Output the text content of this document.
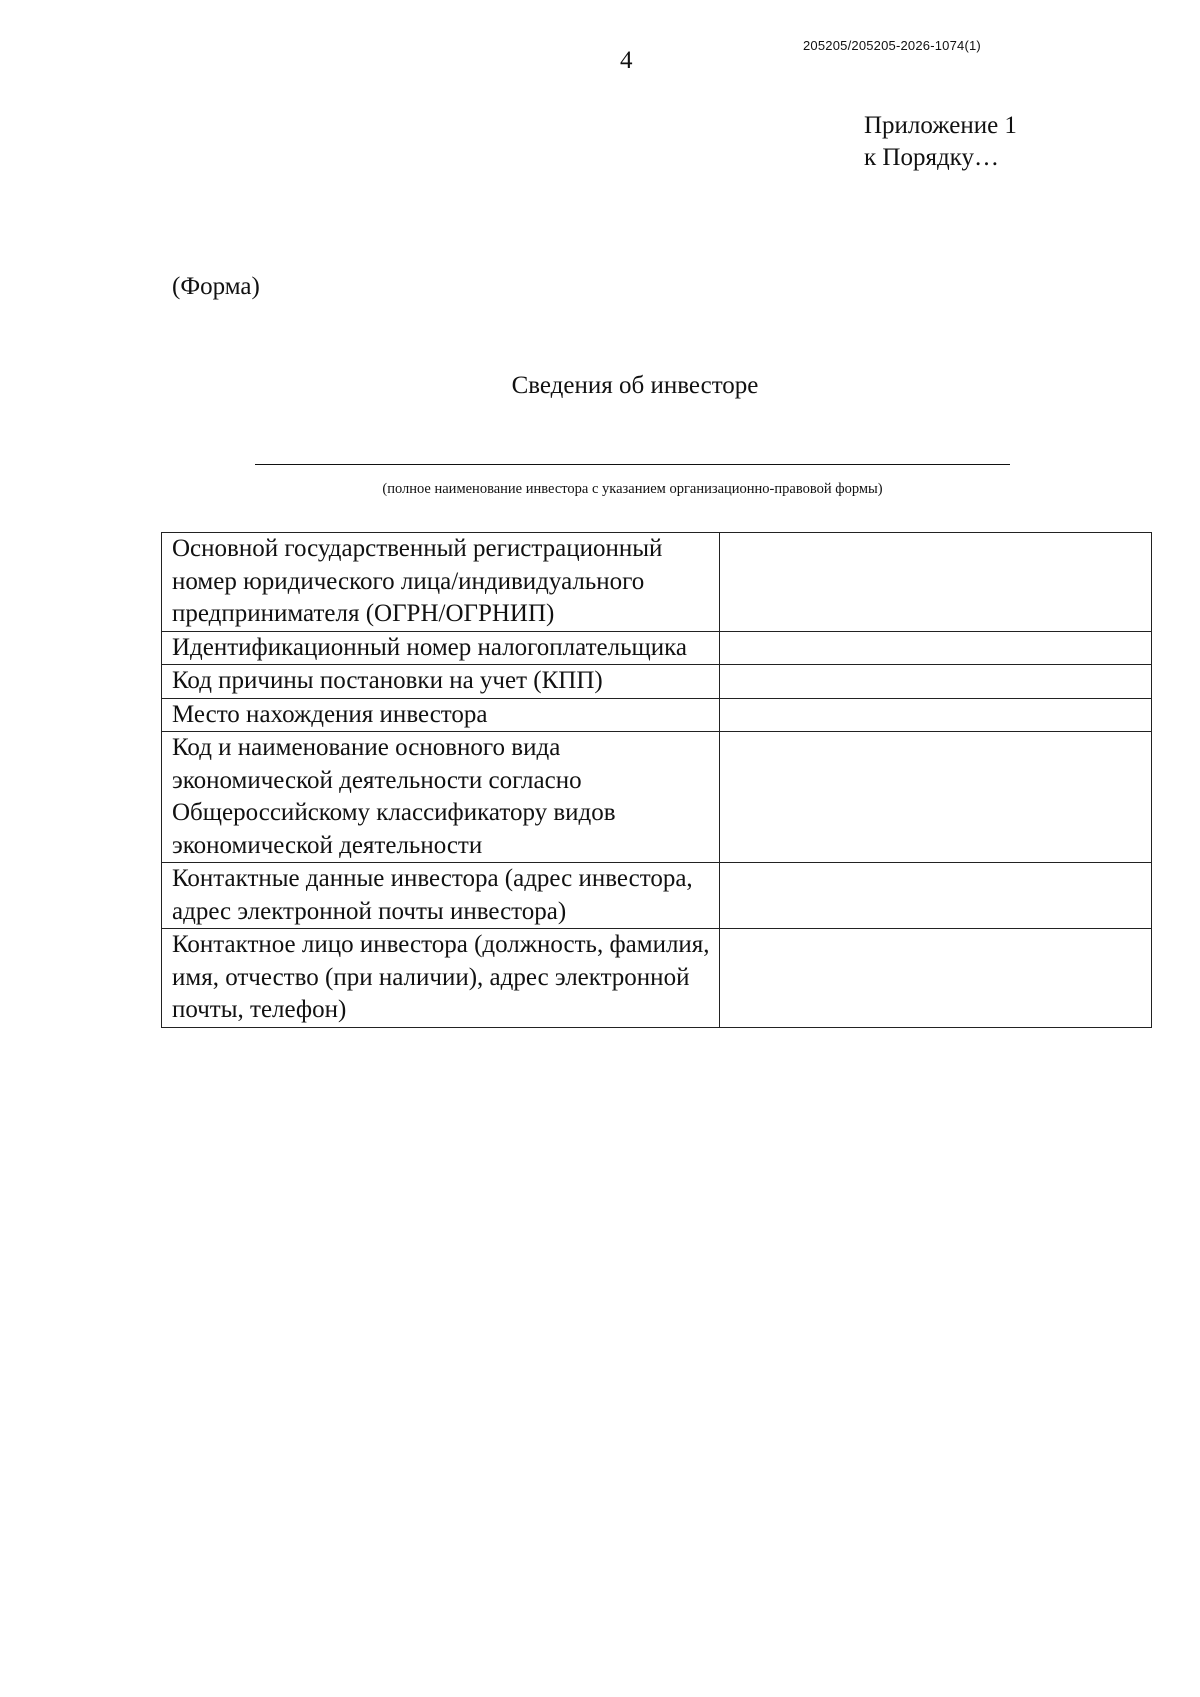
4
205205/205205-2026-1074(1)
Приложение 1
к Порядку…
(Форма)
Сведения об инвесторе
(полное наименование инвестора с указанием организационно-правовой формы)
Основной государственный регистрационный номер юридического лица/индивидуального предпринимателя (ОГРН/ОГРНИП)	
Идентификационный номер налогоплательщика	
Код причины постановки на учет (КПП)	
Место нахождения инвестора	
Код и наименование основного вида экономической деятельности согласно Общероссийскому классификатору видов экономической деятельности	
Контактные данные инвестора (адрес инвестора, адрес электронной почты инвестора)	
Контактное лицо инвестора (должность, фамилия, имя, отчество (при наличии), адрес электронной почты, телефон)	
